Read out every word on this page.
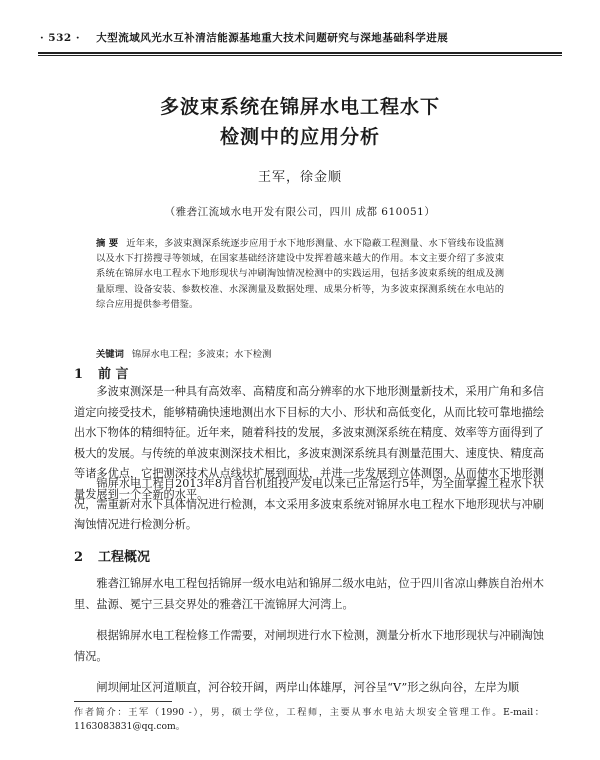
· 532 · 大型流域风光水互补清洁能源基地重大技术问题研究与深地基础科学进展
多波束系统在锦屏水电工程水下
检测中的应用分析
王军，徐金顺
（雅砻江流域水电开发有限公司，四川 成都 610051）
摘 要 近年来，多波束测深系统逐步应用于水下地形测量、水下隐蔽工程测量、水下管线布设监测以及水下打捞搜寻等领域，在国家基础经济建设中发挥着越来越大的作用。本文主要介绍了多波束系统在锦屏水电工程水下地形现状与冲刷淘蚀情况检测中的实践运用，包括多波束系统的组成及测量原理、设备安装、参数校准、水深测量及数据处理、成果分析等，为多波束探测系统在水电站的综合应用提供参考借鉴。
关键词 锦屏水电工程；多波束；水下检测
1 前 言
多波束测深是一种具有高效率、高精度和高分辨率的水下地形测量新技术，采用广角和多信道定向接受技术，能够精确快速地测出水下目标的大小、形状和高低变化，从而比较可靠地描绘出水下物体的精细特征。近年来，随着科技的发展，多波束测深系统在精度、效率等方面得到了极大的发展。与传统的单波束测深技术相比，多波束测深系统具有测量范围大、速度快、精度高等诸多优点，它把测深技术从点线状扩展到面状，并进一步发展到立体测图，从而使水下地形测量发展到一个全新的水平。
锦屏水电工程自2013年8月首台机组投产发电以来已正常运行5年，为全面掌握工程水下状况，需重新对水下具体情况进行检测，本文采用多波束系统对锦屏水电工程水下地形现状与冲刷淘蚀情况进行检测分析。
2 工程概况
雅砻江锦屏水电工程包括锦屏一级水电站和锦屏二级水电站，位于四川省凉山彝族自治州木里、盐源、冕宁三县交界处的雅砻江干流锦屏大河湾上。
根据锦屏水电工程检修工作需要，对闸坝进行水下检测，测量分析水下地形现状与冲刷淘蚀情况。
闸坝闸址区河道顺直，河谷较开阔，两岸山体雄厚，河谷呈“V”形之纵向谷，左岸为顺
作者简介：王军（1990 -），男，硕士学位，工程师，主要从事水电站大坝安全管理工作。E-mail：1163083831@qq.com。
